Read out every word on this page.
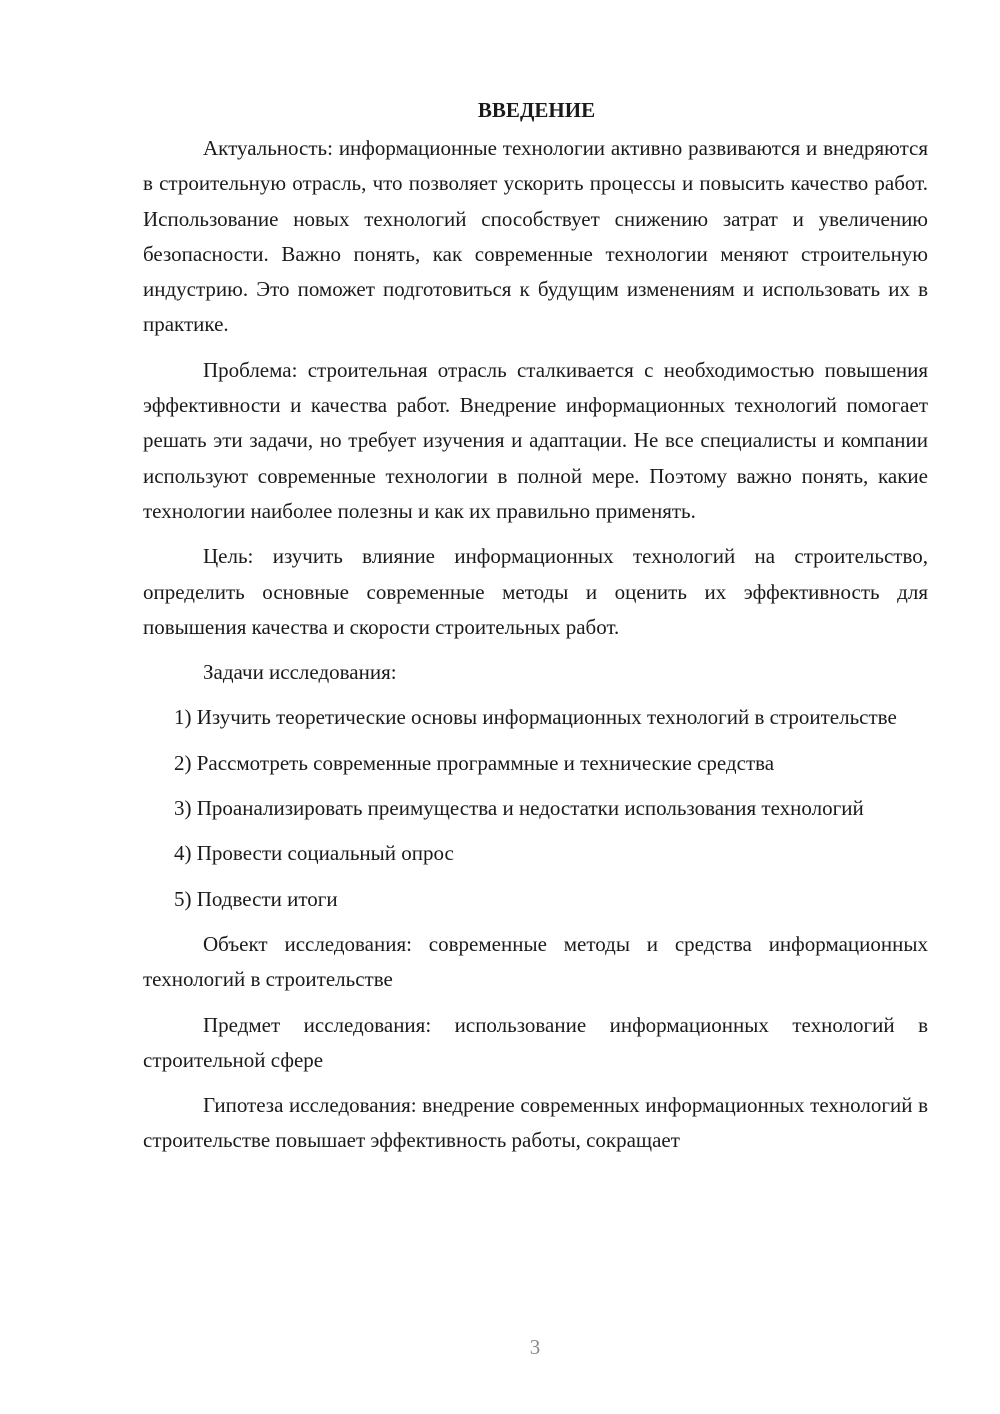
ВВЕДЕНИЕ

Актуальность: информационные технологии активно развиваются и внедряются в строительную отрасль, что позволяет ускорить процессы и повысить качество работ. Использование новых технологий способствует снижению затрат и увеличению безопасности. Важно понять, как современные технологии меняют строительную индустрию. Это поможет подготовиться к будущим изменениям и использовать их в практике.

Проблема: строительная отрасль сталкивается с необходимостью повышения эффективности и качества работ. Внедрение информационных технологий помогает решать эти задачи, но требует изучения и адаптации. Не все специалисты и компании используют современные технологии в полной мере. Поэтому важно понять, какие технологии наиболее полезны и как их правильно применять.

Цель: изучить влияние информационных технологий на строительство, определить основные современные методы и оценить их эффективность для повышения качества и скорости строительных работ.

Задачи исследования:

1) Изучить теоретические основы информационных технологий в строительстве

2) Рассмотреть современные программные и технические средства

3) Проанализировать преимущества и недостатки использования технологий

4) Провести социальный опрос

5) Подвести итоги

Объект исследования: современные методы и средства информационных технологий в строительстве

Предмет исследования: использование информационных технологий в строительной сфере

Гипотеза исследования: внедрение современных информационных технологий в строительстве повышает эффективность работы, сокращает

3
